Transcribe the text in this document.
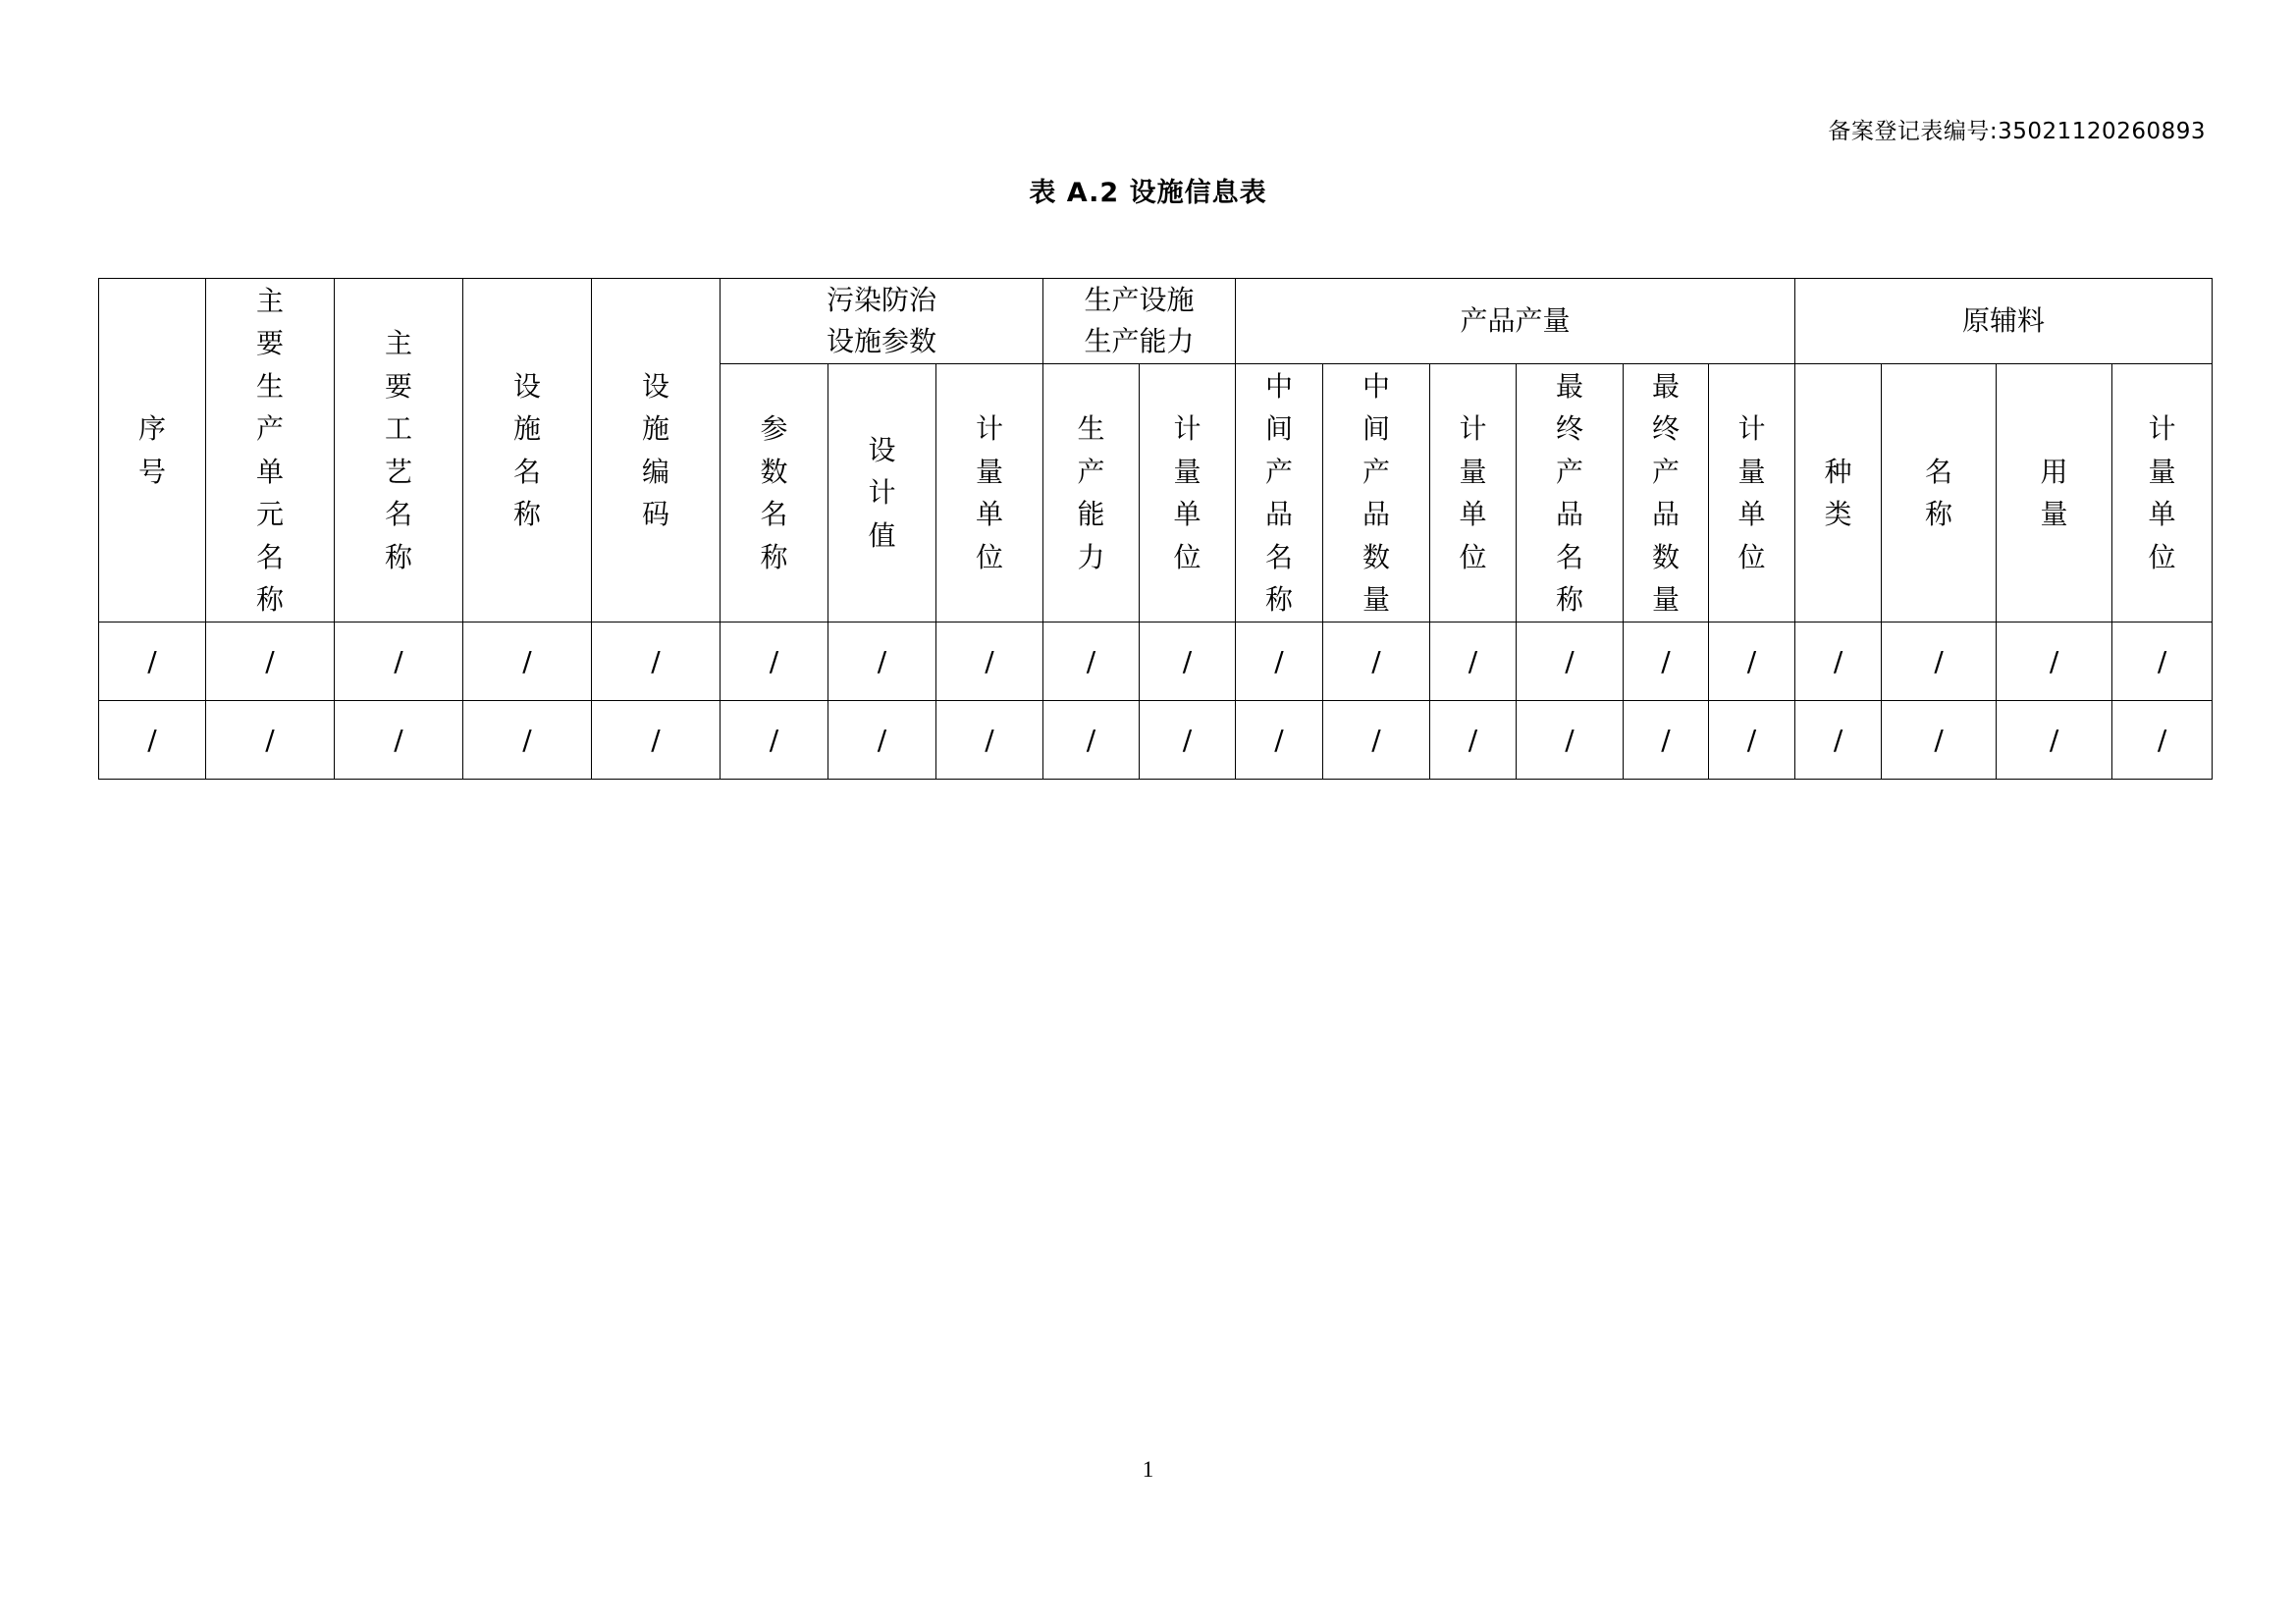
备案登记表编号:35021120260893
表 A.2 设施信息表
序号	主要生产单元名称	主要工艺名称	设施名称	设施编码	污染防治设施参数			生产设施生产能力		产品产量						原辅料			
					参数名称	设计值	计量单位	生产能力	计量单位	中间产品名称	中间产品数量	计量单位	最终产品名称	最终产品数量	计量单位	种类	名称	用量	计量单位
/	/	/	/	/	/	/	/	/	/	/	/	/	/	/	/	/	/	/	/
/	/	/	/	/	/	/	/	/	/	/	/	/	/	/	/	/	/	/	/
1
